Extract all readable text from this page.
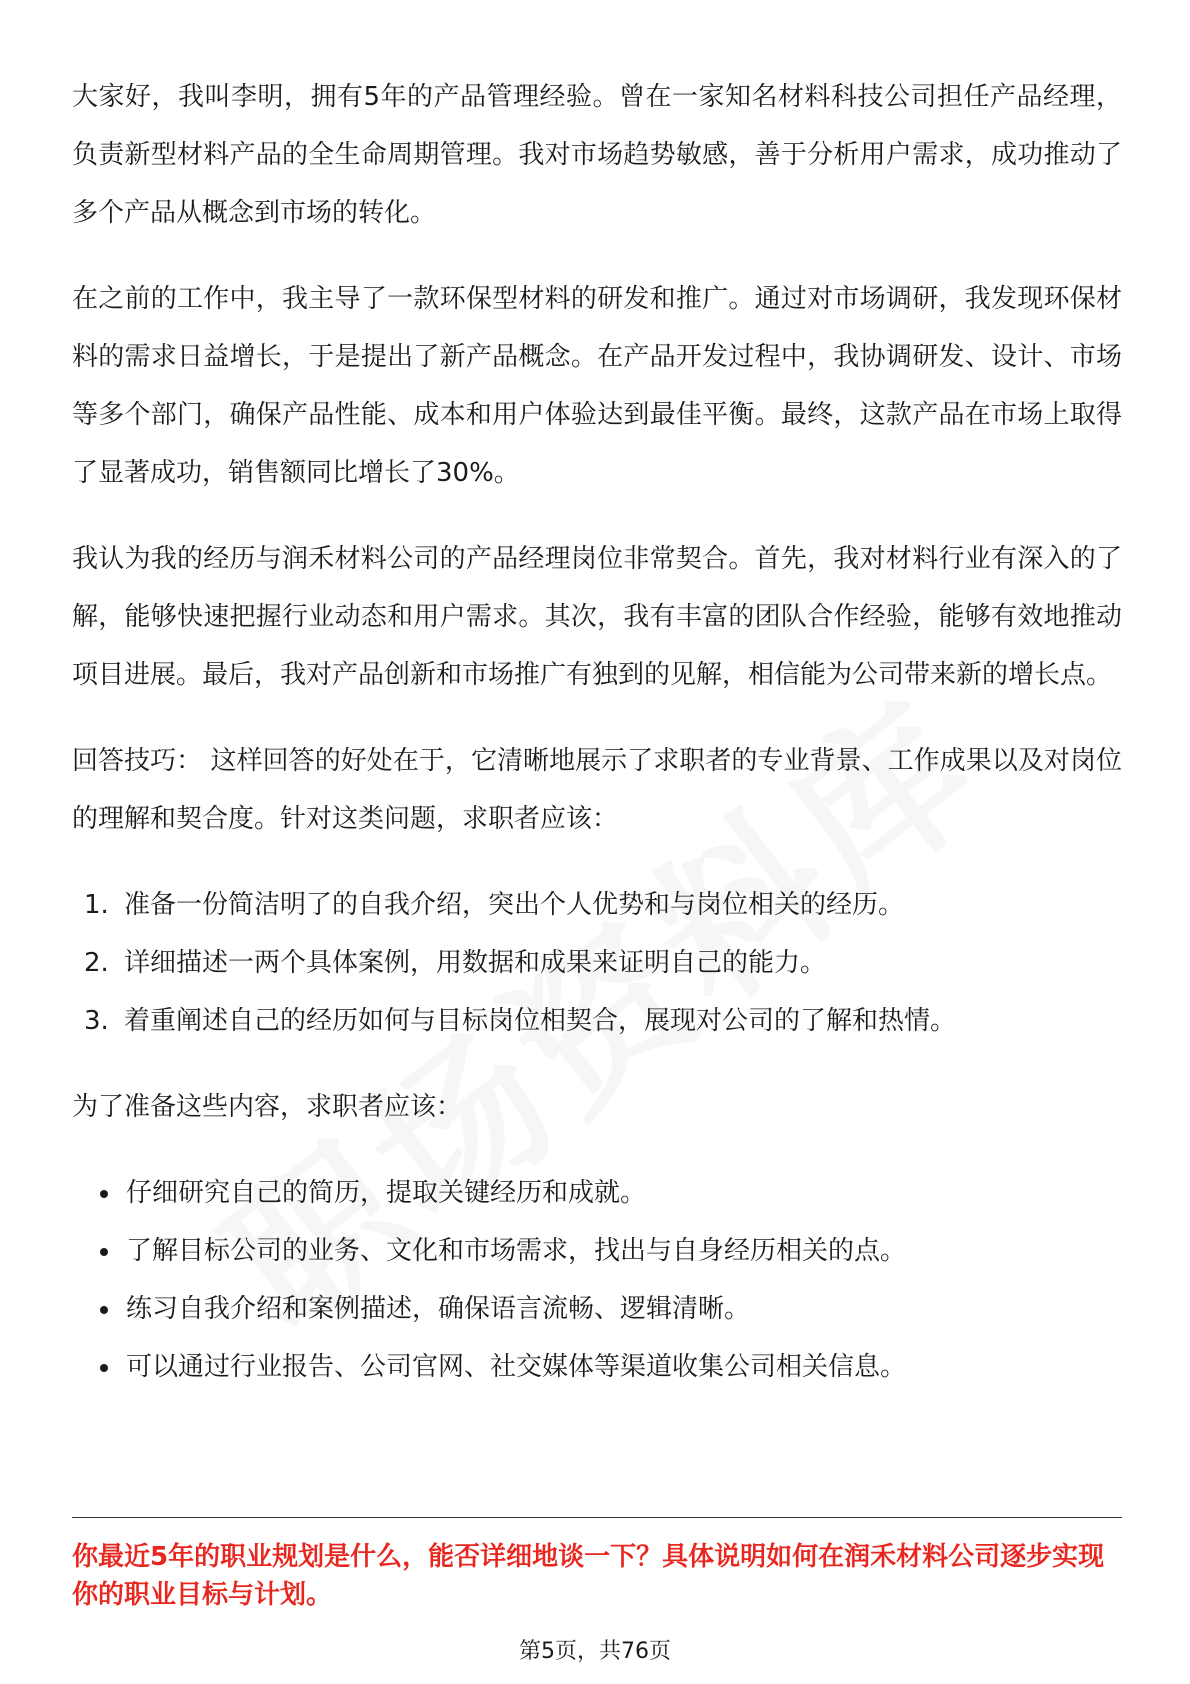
大家好，我叫李明，拥有5年的产品管理经验。曾在一家知名材料科技公司担任产品经理，负责新型材料产品的全生命周期管理。我对市场趋势敏感，善于分析用户需求，成功推动了多个产品从概念到市场的转化。

在之前的工作中，我主导了一款环保型材料的研发和推广。通过对市场调研，我发现环保材料的需求日益增长，于是提出了新产品概念。在产品开发过程中，我协调研发、设计、市场等多个部门，确保产品性能、成本和用户体验达到最佳平衡。最终，这款产品在市场上取得了显著成功，销售额同比增长了30%。

我认为我的经历与润禾材料公司的产品经理岗位非常契合。首先，我对材料行业有深入的了解，能够快速把握行业动态和用户需求。其次，我有丰富的团队合作经验，能够有效地推动项目进展。最后，我对产品创新和市场推广有独到的见解，相信能为公司带来新的增长点。

回答技巧： 这样回答的好处在于，它清晰地展示了求职者的专业背景、工作成果以及对岗位的理解和契合度。针对这类问题，求职者应该：

1. 准备一份简洁明了的自我介绍，突出个人优势和与岗位相关的经历。
2. 详细描述一两个具体案例，用数据和成果来证明自己的能力。
3. 着重阐述自己的经历如何与目标岗位相契合，展现对公司的了解和热情。

为了准备这些内容，求职者应该：

仔细研究自己的简历，提取关键经历和成就。
了解目标公司的业务、文化和市场需求，找出与自身经历相关的点。
练习自我介绍和案例描述，确保语言流畅、逻辑清晰。
可以通过行业报告、公司官网、社交媒体等渠道收集公司相关信息。
你最近5年的职业规划是什么，能否详细地谈一下？具体说明如何在润禾材料公司逐步实现你的职业目标与计划。
第5页，共76页
